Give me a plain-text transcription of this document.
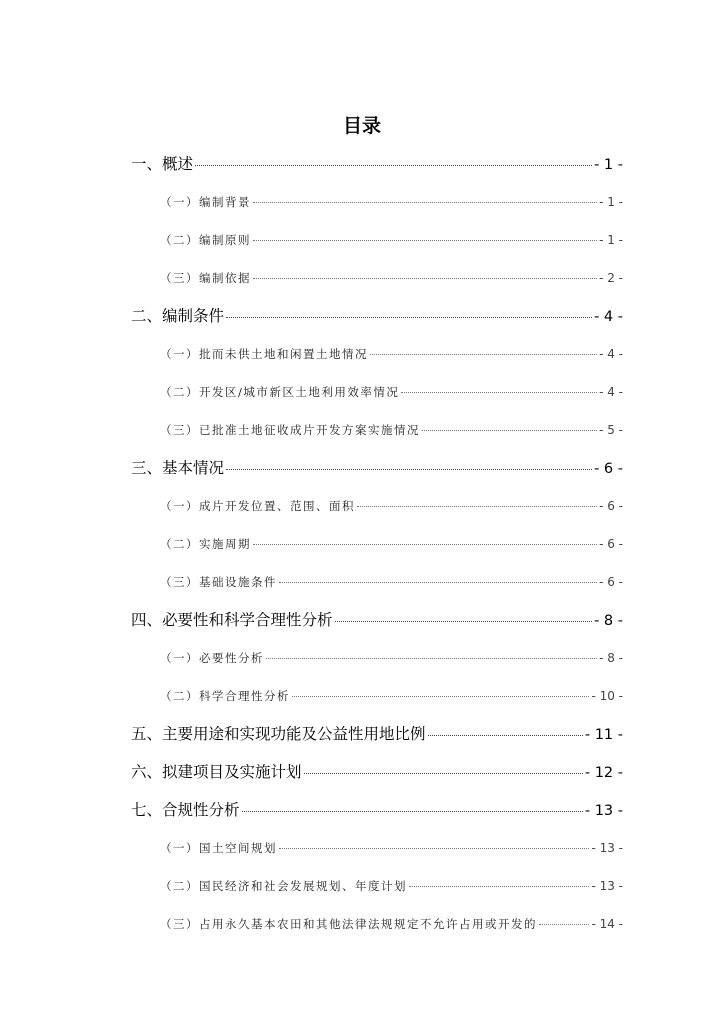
目录
一、概述	- 1 -
（一）编制背景	- 1 -
（二）编制原则	- 1 -
（三）编制依据	- 2 -
二、编制条件	- 4 -
（一）批而未供土地和闲置土地情况	- 4 -
（二）开发区/城市新区土地利用效率情况	- 4 -
（三）已批准土地征收成片开发方案实施情况	- 5 -
三、基本情况	- 6 -
（一）成片开发位置、范围、面积	- 6 -
（二）实施周期	- 6 -
（三）基础设施条件	- 6 -
四、必要性和科学合理性分析	- 8 -
（一）必要性分析	- 8 -
（二）科学合理性分析	- 10 -
五、主要用途和实现功能及公益性用地比例	- 11 -
六、拟建项目及实施计划	- 12 -
七、合规性分析	- 13 -
（一）国土空间规划	- 13 -
（二）国民经济和社会发展规划、年度计划	- 13 -
（三）占用永久基本农田和其他法律法规规定不允许占用或开发的	- 14 -
